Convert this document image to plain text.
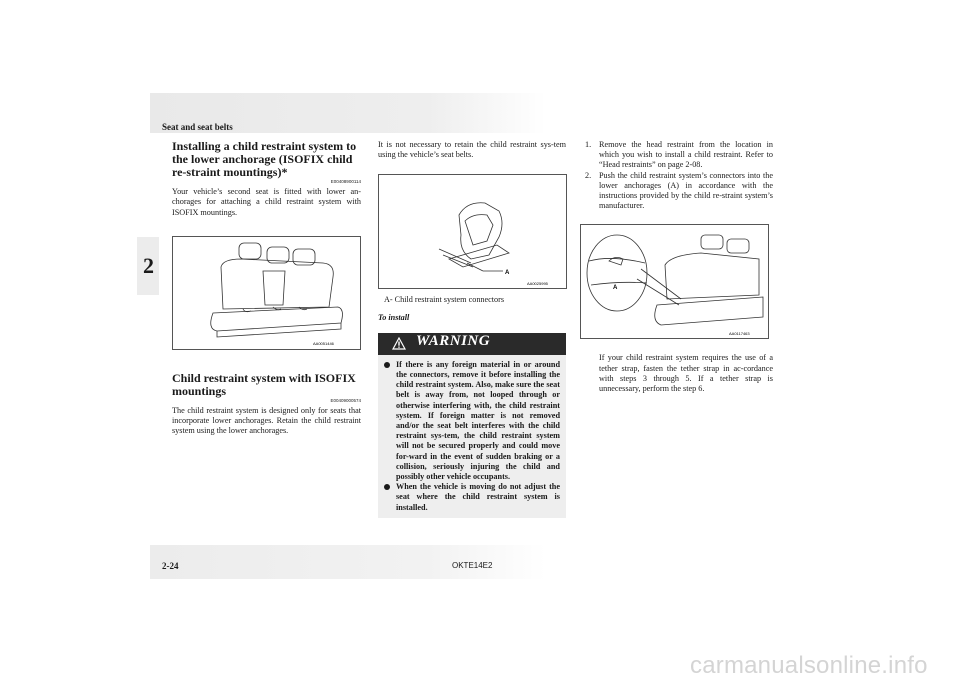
Seat and seat belts
2
Installing a child restraint system to the lower anchorage (ISOFIX child re-straint mountings)*
E00408900114

Your vehicle’s second seat is fitted with lower an-chorages for attaching a child restraint system with ISOFIX mountings.

AA0051446
Child restraint system with ISOFIX mountings
E00409000574

The child restraint system is designed only for seats that incorporate lower anchorages. Retain the child restraint system using the lower anchorages.

It is not necessary to retain the child restraint sys-tem using the vehicle’s seat belts.

A
AA0025995
A- Child restraint system connectors
To install
WARNING
If there is any foreign material in or around the connectors, remove it before installing the child restraint system. Also, make sure the seat belt is away from, not looped through or otherwise interfering with, the child restraint system. If foreign matter is not removed and/or the seat belt interferes with the child restraint sys-tem, the child restraint system will not be secured properly and could move for-ward in the event of sudden braking or a collision, seriously injuring the child and possibly other vehicle occupants.
When the vehicle is moving do not adjust the seat where the child restraint system is installed.
1. Remove the head restraint from the location in which you wish to install a child restraint. Refer to “Head restraints” on page 2-08.
2. Push the child restraint system’s connectors into the lower anchorages (A) in accordance with the instructions provided by the child re-straint system’s manufacturer.
A
AA0117463

If your child restraint system requires the use of a tether strap, fasten the tether strap in ac-cordance with steps 3 through 5. If a tether strap is unnecessary, perform the step 6.

2-24	OKTE14E2
carmanualsonline.info
